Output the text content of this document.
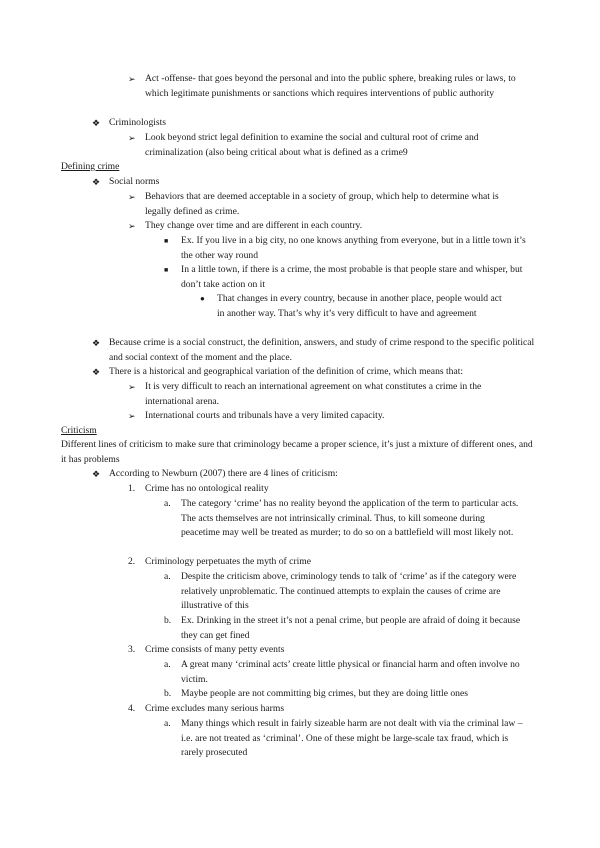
➢ Act -offense- that goes beyond the personal and into the public sphere, breaking rules or laws, to which legitimate punishments or sanctions which requires interventions of public authority

❖ Criminologists

➢ Look beyond strict legal definition to examine the social and cultural root of crime and criminalization (also being critical about what is defined as a crime9

Defining crime

❖ Social norms

➢ Behaviors that are deemed acceptable in a society of group, which help to determine what is legally defined as crime.

➢ They change over time and are different in each country.

■ Ex. If you live in a big city, no one knows anything from everyone, but in a little town it’s the other way round

■ In a little town, if there is a crime, the most probable is that people stare and whisper, but don’t take action on it

● That changes in every country, because in another place, people would act in another way. That’s why it’s very difficult to have and agreement

❖ Because crime is a social construct, the definition, answers, and study of crime respond to the specific political and social context of the moment and the place.

❖ There is a historical and geographical variation of the definition of crime, which means that:

➢ It is very difficult to reach an international agreement on what constitutes a crime in the international arena.

➢ International courts and tribunals have a very limited capacity.

Criticism

Different lines of criticism to make sure that criminology became a proper science, it’s just a mixture of different ones, and it has problems

❖ According to Newburn (2007) there are 4 lines of criticism:

1. Crime has no ontological reality

a. The category ‘crime’ has no reality beyond the application of the term to particular acts. The acts themselves are not intrinsically criminal. Thus, to kill someone during peacetime may well be treated as murder; to do so on a battlefield will most likely not.

2. Criminology perpetuates the myth of crime

a. Despite the criticism above, criminology tends to talk of ‘crime’ as if the category were relatively unproblematic. The continued attempts to explain the causes of crime are illustrative of this

b. Ex. Drinking in the street it’s not a penal crime, but people are afraid of doing it because they can get fined

3. Crime consists of many petty events

a. A great many ‘criminal acts’ create little physical or financial harm and often involve no victim.

b. Maybe people are not committing big crimes, but they are doing little ones

4. Crime excludes many serious harms

a. Many things which result in fairly sizeable harm are not dealt with via the criminal law – i.e. are not treated as ‘criminal’. One of these might be large-scale tax fraud, which is rarely prosecuted
